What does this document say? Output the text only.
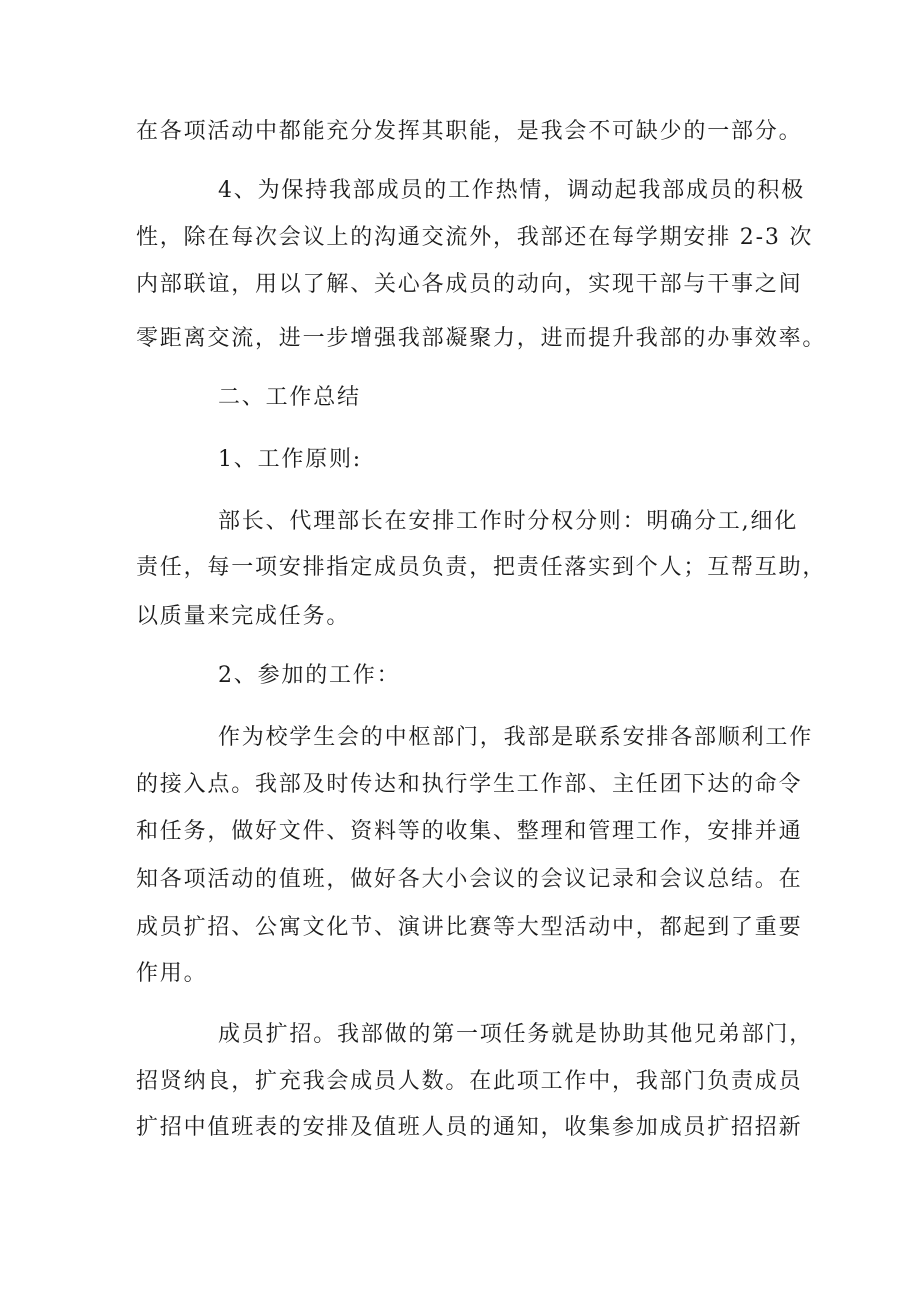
在各项活动中都能充分发挥其职能，是我会不可缺少的一部分。
4、为保持我部成员的工作热情，调动起我部成员的积极
性，除在每次会议上的沟通交流外，我部还在每学期安排 2-3 次
内部联谊，用以了解、关心各成员的动向，实现干部与干事之间
零距离交流，进一步增强我部凝聚力，进而提升我部的办事效率。
二、工作总结
1、工作原则:
部长、代理部长在安排工作时分权分则：明确分工,细化
责任，每一项安排指定成员负责，把责任落实到个人；互帮互助，
以质量来完成任务。
2、参加的工作：
作为校学生会的中枢部门，我部是联系安排各部顺利工作
的接入点。我部及时传达和执行学生工作部、主任团下达的命令
和任务，做好文件、资料等的收集、整理和管理工作，安排并通
知各项活动的值班，做好各大小会议的会议记录和会议总结。在
成员扩招、公寓文化节、演讲比赛等大型活动中，都起到了重要
作用。
成员扩招。我部做的第一项任务就是协助其他兄弟部门，
招贤纳良，扩充我会成员人数。在此项工作中，我部门负责成员
扩招中值班表的安排及值班人员的通知，收集参加成员扩招招新
